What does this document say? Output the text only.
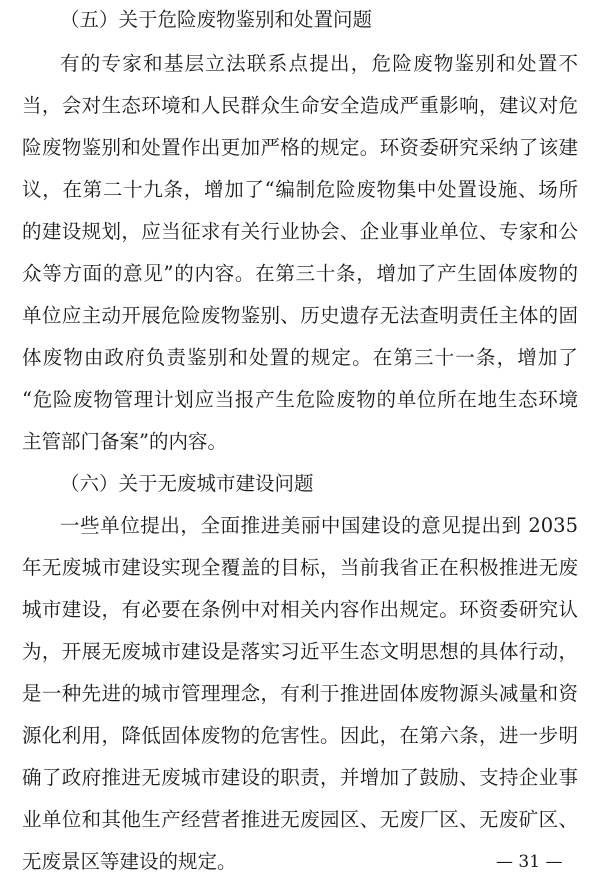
（五）关于危险废物鉴别和处置问题
有的专家和基层立法联系点提出，危险废物鉴别和处置不
当，会对生态环境和人民群众生命安全造成严重影响，建议对危
险废物鉴别和处置作出更加严格的规定。环资委研究采纳了该建
议，在第二十九条，增加了“编制危险废物集中处置设施、场所
的建设规划，应当征求有关行业协会、企业事业单位、专家和公
众等方面的意见”的内容。在第三十条，增加了产生固体废物的
单位应主动开展危险废物鉴别、历史遗存无法查明责任主体的固
体废物由政府负责鉴别和处置的规定。在第三十一条，增加了
“危险废物管理计划应当报产生危险废物的单位所在地生态环境
主管部门备案”的内容。
（六）关于无废城市建设问题
一些单位提出，全面推进美丽中国建设的意见提出到 2035
年无废城市建设实现全覆盖的目标，当前我省正在积极推进无废
城市建设，有必要在条例中对相关内容作出规定。环资委研究认
为，开展无废城市建设是落实习近平生态文明思想的具体行动，
是一种先进的城市管理理念，有利于推进固体废物源头减量和资
源化利用，降低固体废物的危害性。因此，在第六条，进一步明
确了政府推进无废城市建设的职责，并增加了鼓励、支持企业事
业单位和其他生产经营者推进无废园区、无废厂区、无废矿区、
无废景区等建设的规定。	— 31 —
